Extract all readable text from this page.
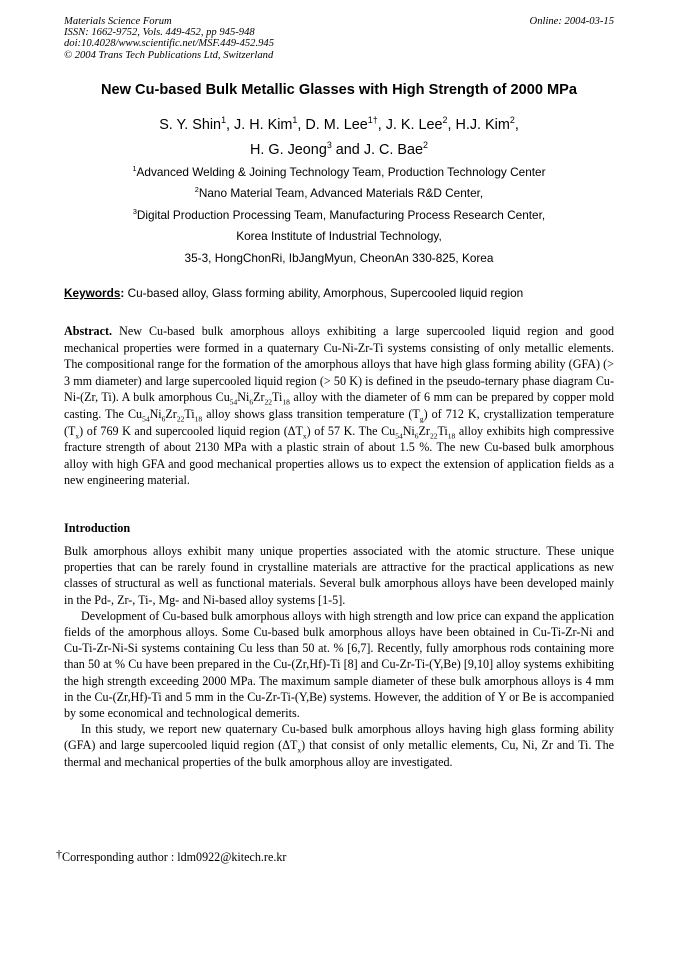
Materials Science Forum
ISSN: 1662-9752, Vols. 449-452, pp 945-948
doi:10.4028/www.scientific.net/MSF.449-452.945
© 2004 Trans Tech Publications Ltd, Switzerland
Online: 2004-03-15
New Cu-based Bulk Metallic Glasses with High Strength of 2000 MPa
S. Y. Shin$^1$, J. H. Kim$^1$, D. M. Lee$^{1\dagger}$, J. K. Lee$^2$, H.J. Kim$^2$,
H. G. Jeong$^3$ and J. C. Bae$^2$
$^1$Advanced Welding & Joining Technology Team, Production Technology Center
$^2$Nano Material Team, Advanced Materials R&D Center,
$^3$Digital Production Processing Team, Manufacturing Process Research Center,
Korea Institute of Industrial Technology,
35-3, HongChonRi, IbJangMyun, CheonAn 330-825, Korea
Keywords: Cu-based alloy, Glass forming ability, Amorphous, Supercooled liquid region

Abstract. New Cu-based bulk amorphous alloys exhibiting a large supercooled liquid region and good mechanical properties were formed in a quaternary Cu-Ni-Zr-Ti systems consisting of only metallic elements. The compositional range for the formation of the amorphous alloys that have high glass forming ability (GFA) (> 3 mm diameter) and large supercooled liquid region (> 50 K) is defined in the pseudo-ternary phase diagram Cu-Ni-(Zr, Ti). A bulk amorphous $Cu_{54}Ni_6Zr_{22}Ti_{18}$ alloy with the diameter of 6 mm can be prepared by copper mold casting. The $Cu_{54}Ni_6Zr_{22}Ti_{18}$ alloy shows glass transition temperature $(T_g)$ of 712 K, crystallization temperature $(T_x)$ of 769 K and supercooled liquid region $(\Delta T_x)$ of 57 K. The $Cu_{54}Ni_6Zr_{22}Ti_{18}$ alloy exhibits high compressive fracture strength of about 2130 MPa with a plastic strain of about 1.5 %. The new Cu-based bulk amorphous alloy with high GFA and good mechanical properties allows us to expect the extension of application fields as a new engineering material.

Introduction

Bulk amorphous alloys exhibit many unique properties associated with the atomic structure. These unique properties that can be rarely found in crystalline materials are attractive for the practical applications as new classes of structural as well as functional materials. Several bulk amorphous alloys have been developed mainly in the Pd-, Zr-, Ti-, Mg- and Ni-based alloy systems [1-5].

Development of Cu-based bulk amorphous alloys with high strength and low price can expand the application fields of the amorphous alloys. Some Cu-based bulk amorphous alloys have been obtained in Cu-Ti-Zr-Ni and Cu-Ti-Zr-Ni-Si systems containing Cu less than 50 at. % [6,7]. Recently, fully amorphous rods containing more than 50 at % Cu have been prepared in the Cu-(Zr,Hf)-Ti [8] and Cu-Zr-Ti-(Y,Be) [9,10] alloy systems exhibiting the high strength exceeding 2000 MPa. The maximum sample diameter of these bulk amorphous alloys is 4 mm in the Cu-(Zr,Hf)-Ti and 5 mm in the Cu-Zr-Ti-(Y,Be) systems. However, the addition of Y or Be is accompanied by some economical and technological demerits.

In this study, we report new quaternary Cu-based bulk amorphous alloys having high glass forming ability (GFA) and large supercooled liquid region $(\Delta T_x)$ that consist of only metallic elements, Cu, Ni, Zr and Ti. The thermal and mechanical properties of the bulk amorphous alloy are investigated.

†Corresponding author : ldm0922@kitech.re.kr
